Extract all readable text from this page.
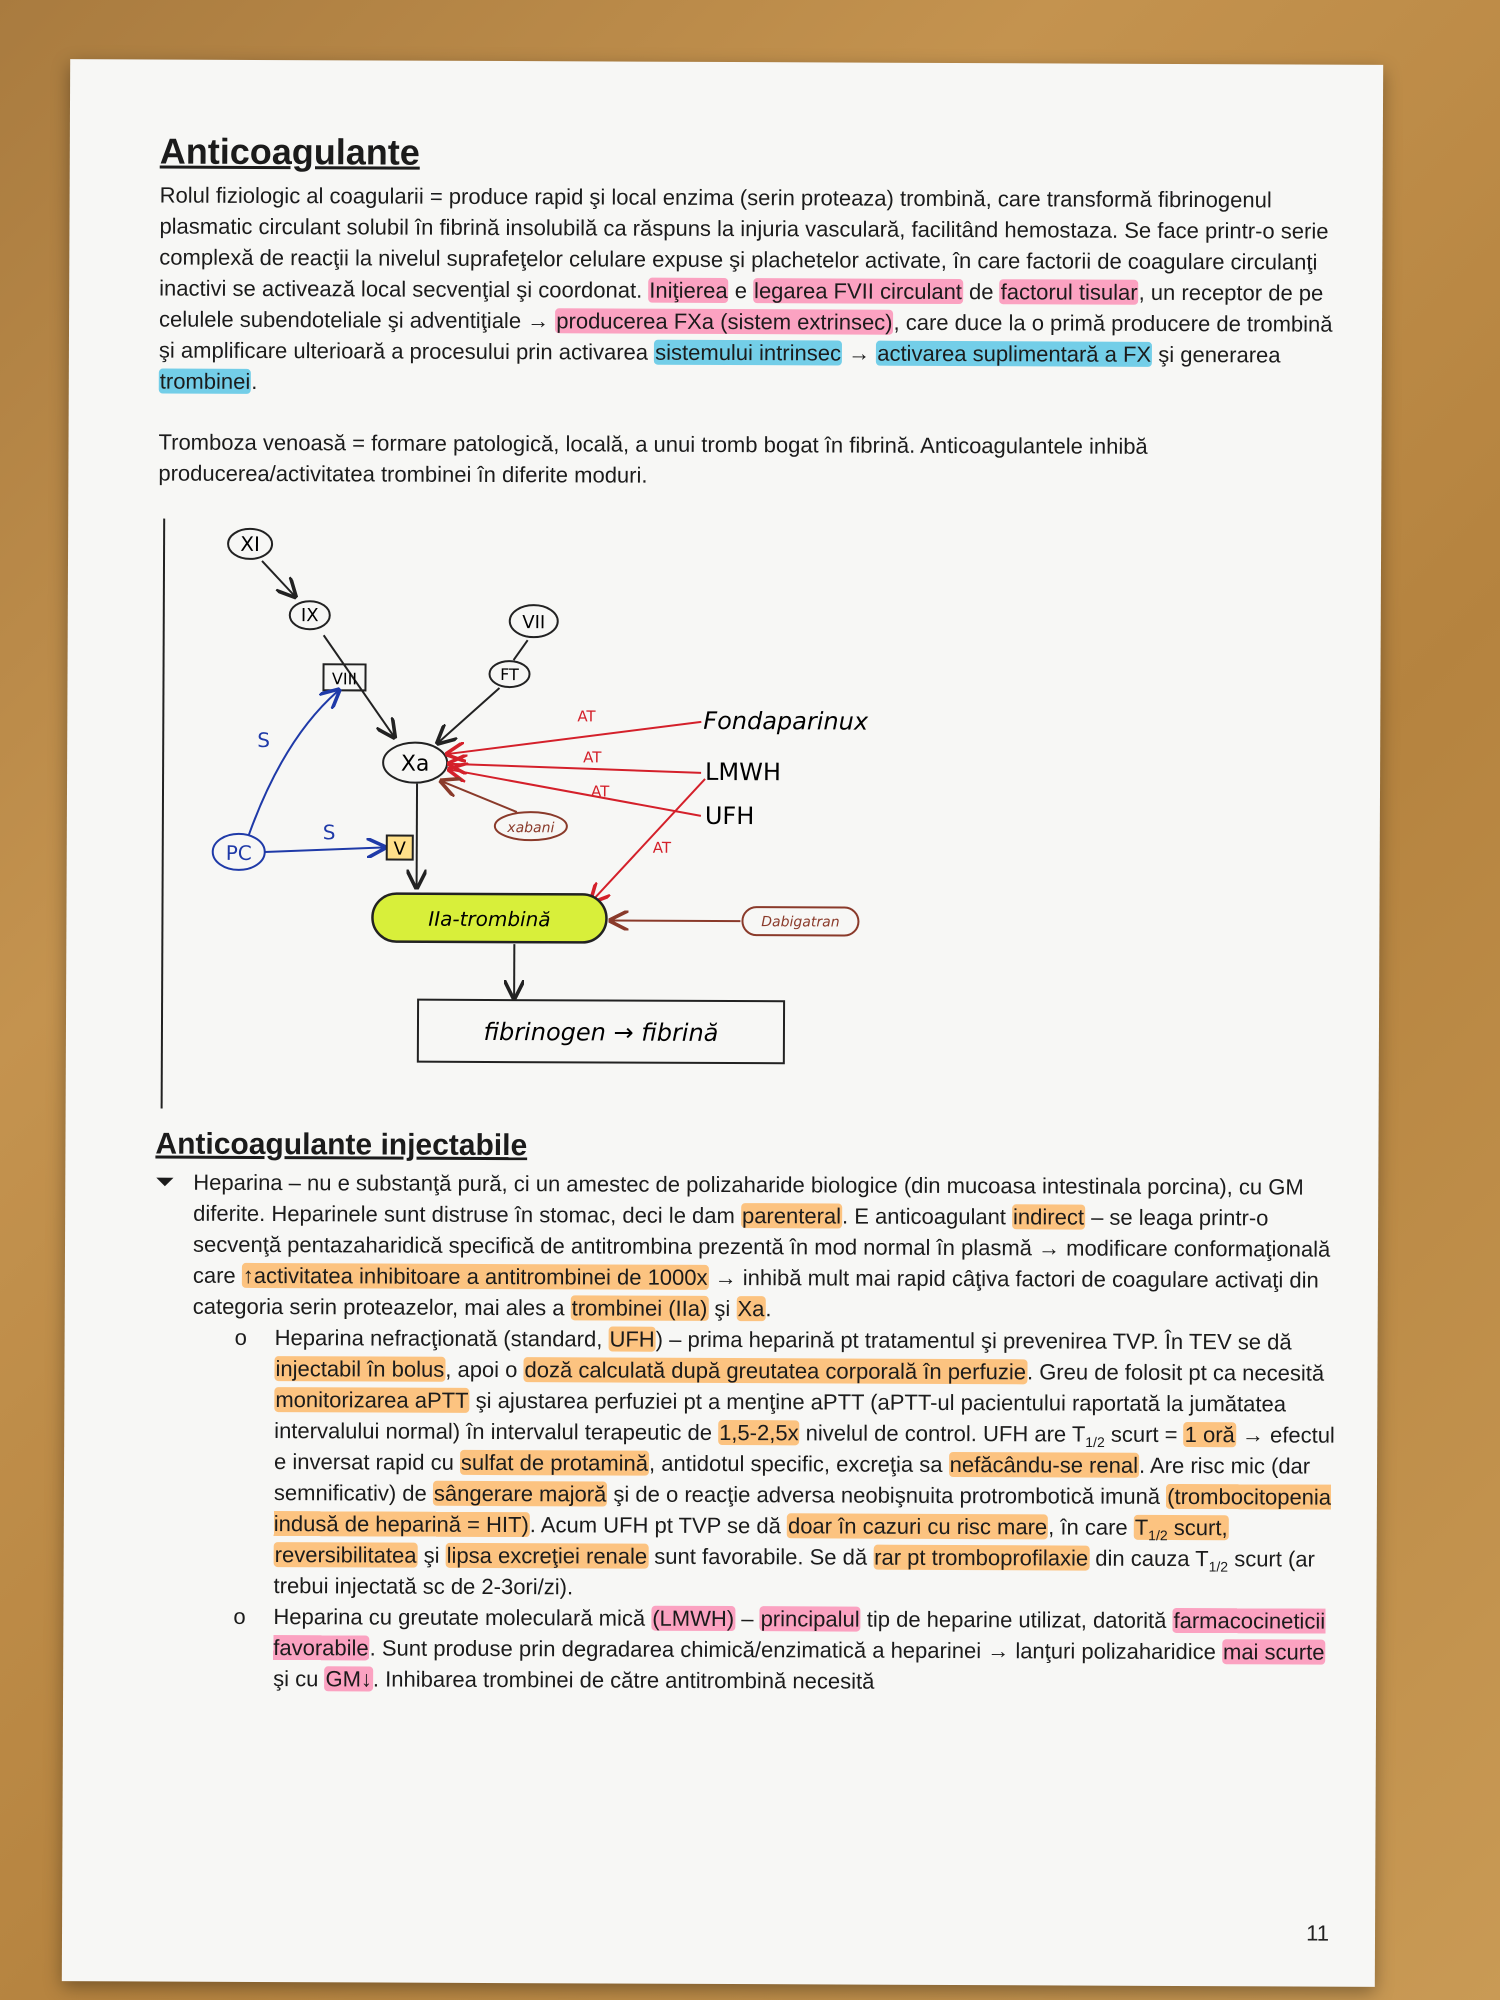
Anticoagulante

Rolul fiziologic al coagularii = produce rapid şi local enzima (serin proteaza) trombină, care transformă fibrinogenul plasmatic circulant solubil în fibrină insolubilă ca răspuns la injuria vasculară, facilitând hemostaza. Se face printr-o serie complexă de reacţii la nivelul suprafeţelor celulare expuse şi plachetelor activate, în care factorii de coagulare circulanţi inactivi se activează local secvenţial şi coordonat. Iniţierea e legarea FVII circulant de factorul tisular, un receptor de pe celulele subendoteliale şi adventiţiale → producerea FXa (sistem extrinsec), care duce la o primă producere de trombină şi amplificare ulterioară a procesului prin activarea sistemului intrinsec → activarea suplimentară a FX şi generarea trombinei.

Tromboza venoasă = formare patologică, locală, a unui tromb bogat în fibrină. Anticoagulantele inhibă producerea/activitatea trombinei în diferite moduri.

XI
IX	VII
FT
VIII
Xa
PC
S
S
V
Fondaparinux
AT
LMWH
AT
UFH
AT
AT
xabani
IIa-trombină	Dabigatran
fibrinogen → fibrină
Anticoagulante injectabile
⏷ Heparina – nu e substanţă pură, ci un amestec de polizaharide biologice (din mucoasa intestinala porcina), cu GM diferite. Heparinele sunt distruse în stomac, deci le dam parenteral. E anticoagulant indirect – se leaga printr-o secvenţă pentazaharidică specifică de antitrombina prezentă în mod normal în plasmă → modificare conformaţională care ↑activitatea inhibitoare a antitrombinei de 1000x → inhibă mult mai rapid câţiva factori de coagulare activaţi din categoria serin proteazelor, mai ales a trombinei (IIa) şi Xa.

o Heparina nefracţionată (standard, UFH) – prima heparină pt tratamentul şi prevenirea TVP. În TEV se dă injectabil în bolus, apoi o doză calculată după greutatea corporală în perfuzie. Greu de folosit pt ca necesită monitorizarea aPTT şi ajustarea perfuziei pt a menţine aPTT (aPTT-ul pacientului raportată la jumătatea intervalului normal) în intervalul terapeutic de 1,5-2,5x nivelul de control. UFH are $T_{1/2}$ scurt = 1 oră → efectul e inversat rapid cu sulfat de protamină, antidotul specific, excreţia sa nefăcându-se renal. Are risc mic (dar semnificativ) de sângerare majoră şi de o reacţie adversa neobişnuita protrombotică imună (trombocitopenia indusă de heparină = HIT). Acum UFH pt TVP se dă doar în cazuri cu risc mare, în care $T_{1/2}$ scurt, reversibilitatea şi lipsa excreţiei renale sunt favorabile. Se dă rar pt tromboprofilaxie din cauza $T_{1/2}$ scurt (ar trebui injectată sc de 2-3ori/zi).

o Heparina cu greutate moleculară mică (LMWH) – principalul tip de heparine utilizat, datorită farmacocineticii favorabile. Sunt produse prin degradarea chimică/enzimatică a heparinei → lanţuri polizaharidice mai scurte şi cu GM↓. Inhibarea trombinei de către antitrombină necesită

11
